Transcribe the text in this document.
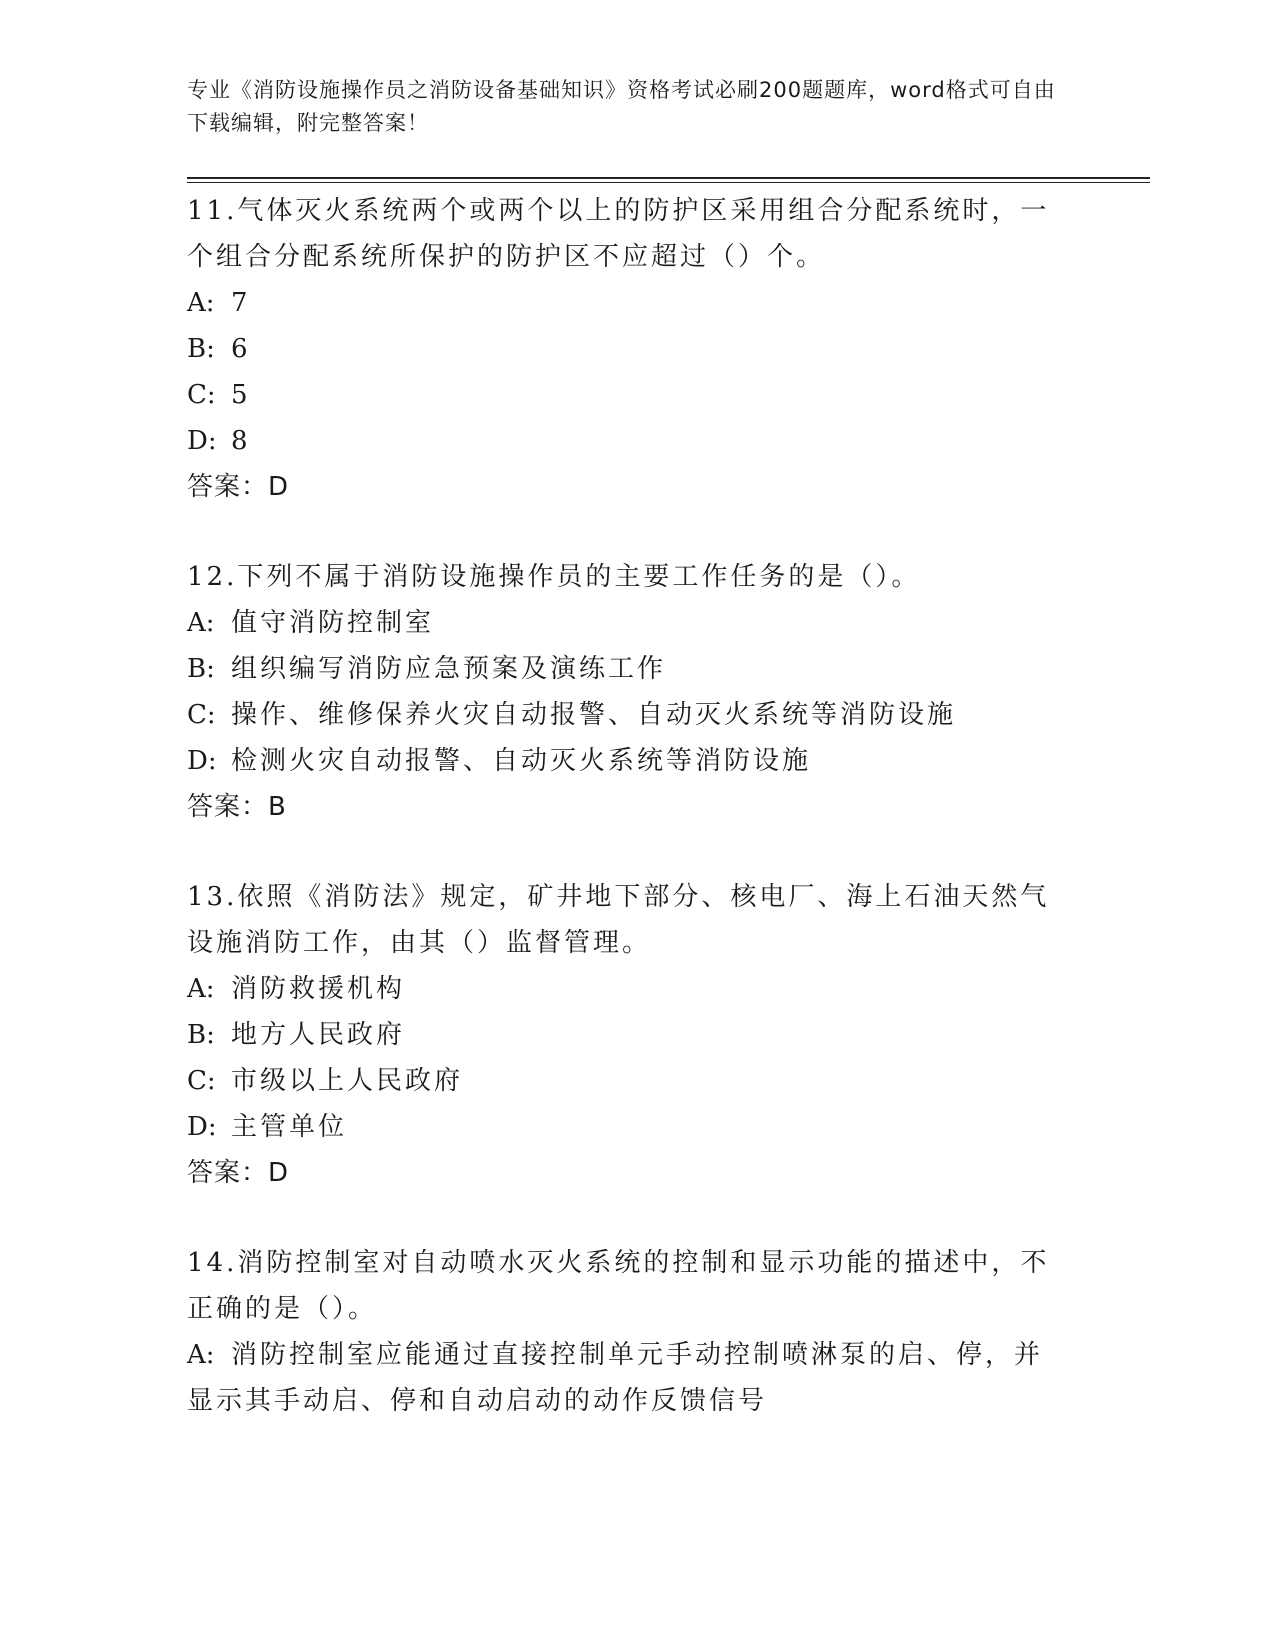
专业《消防设施操作员之消防设备基础知识》资格考试必刷200题题库，word格式可自由下载编辑，附完整答案！

11.气体灭火系统两个或两个以上的防护区采用组合分配系统时，一个组合分配系统所保护的防护区不应超过（）个。

A: 7

B: 6

C: 5

D: 8

答案：D

12.下列不属于消防设施操作员的主要工作任务的是（）。

A: 值守消防控制室

B: 组织编写消防应急预案及演练工作

C: 操作、维修保养火灾自动报警、自动灭火系统等消防设施

D: 检测火灾自动报警、自动灭火系统等消防设施

答案：B

13.依照《消防法》规定，矿井地下部分、核电厂、海上石油天然气设施消防工作，由其（）监督管理。

A: 消防救援机构

B: 地方人民政府

C: 市级以上人民政府

D: 主管单位

答案：D

14.消防控制室对自动喷水灭火系统的控制和显示功能的描述中，不正确的是（）。

A: 消防控制室应能通过直接控制单元手动控制喷淋泵的启、停，并显示其手动启、停和自动启动的动作反馈信号
